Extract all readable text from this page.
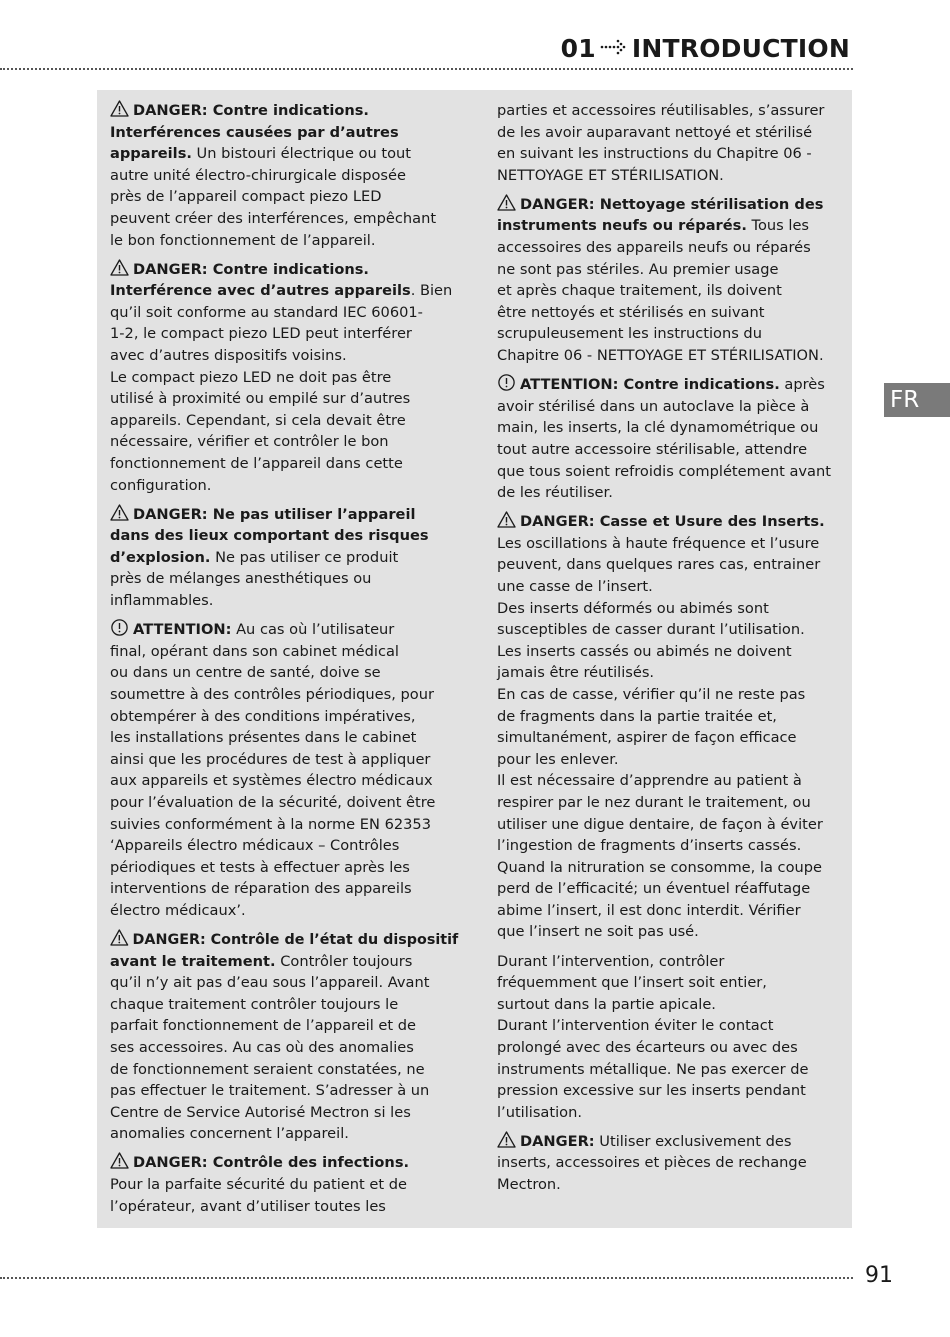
01 INTRODUCTION
FR

DANGER: Contre indications.
Interférences causées par d’autres
appareils. Un bistouri électrique ou tout
autre unité électro-chirurgicale disposée
près de l’appareil compact piezo LED
peuvent créer des interférences, empêchant
le bon fonctionnement de l’appareil.

DANGER: Contre indications.
Interférence avec d’autres appareils. Bien
qu’il soit conforme au standard IEC 60601-
1-2, le compact piezo LED peut interférer
avec d’autres dispositifs voisins.
Le compact piezo LED ne doit pas être
utilisé à proximité ou empilé sur d’autres
appareils. Cependant, si cela devait être
nécessaire, vérifier et contrôler le bon
fonctionnement de l’appareil dans cette
configuration.

DANGER: Ne pas utiliser l’appareil
dans des lieux comportant des risques
d’explosion. Ne pas utiliser ce produit
près de mélanges anesthétiques ou
inflammables.

ATTENTION: Au cas où l’utilisateur
final, opérant dans son cabinet médical
ou dans un centre de santé, doive se
soumettre à des contrôles périodiques, pour
obtempérer à des conditions impératives,
les installations présentes dans le cabinet
ainsi que les procédures de test à appliquer
aux appareils et systèmes électro médicaux
pour l’évaluation de la sécurité, doivent être
suivies conformément à la norme EN 62353
‘Appareils électro médicaux – Contrôles
périodiques et tests à effectuer après les
interventions de réparation des appareils
électro médicaux’.

DANGER: Contrôle de l’état du dispositif
avant le traitement. Contrôler toujours
qu’il n’y ait pas d’eau sous l’appareil. Avant
chaque traitement contrôler toujours le
parfait fonctionnement de l’appareil et de
ses accessoires. Au cas où des anomalies
de fonctionnement seraient constatées, ne
pas effectuer le traitement. S’adresser à un
Centre de Service Autorisé Mectron si les
anomalies concernent l’appareil.

DANGER: Contrôle des infections.
Pour la parfaite sécurité du patient et de
l’opérateur, avant d’utiliser toutes les

parties et accessoires réutilisables, s’assurer
de les avoir auparavant nettoyé et stérilisé
en suivant les instructions du Chapitre 06 -
NETTOYAGE ET STÉRILISATION.

DANGER: Nettoyage stérilisation des
instruments neufs ou réparés. Tous les
accessoires des appareils neufs ou réparés
ne sont pas stériles. Au premier usage
et après chaque traitement, ils doivent
être nettoyés et stérilisés en suivant
scrupuleusement les instructions du
Chapitre 06 - NETTOYAGE ET STÉRILISATION.

ATTENTION: Contre indications. après
avoir stérilisé dans un autoclave la pièce à
main, les inserts, la clé dynamométrique ou
tout autre accessoire stérilisable, attendre
que tous soient refroidis complétement avant
de les réutiliser.

DANGER: Casse et Usure des Inserts.
Les oscillations à haute fréquence et l’usure
peuvent, dans quelques rares cas, entrainer
une casse de l’insert.
Des inserts déformés ou abimés sont
susceptibles de casser durant l’utilisation.
Les inserts cassés ou abimés ne doivent
jamais être réutilisés.
En cas de casse, vérifier qu’il ne reste pas
de fragments dans la partie traitée et,
simultanément, aspirer de façon efficace
pour les enlever.
Il est nécessaire d’apprendre au patient à
respirer par le nez durant le traitement, ou
utiliser une digue dentaire, de façon à éviter
l’ingestion de fragments d’inserts cassés.
Quand la nitruration se consomme, la coupe
perd de l’efficacité; un éventuel réaffutage
abime l’insert, il est donc interdit. Vérifier
que l’insert ne soit pas usé.

Durant l’intervention, contrôler
fréquemment que l’insert soit entier,
surtout dans la partie apicale.
Durant l’intervention éviter le contact
prolongé avec des écarteurs ou avec des
instruments métallique. Ne pas exercer de
pression excessive sur les inserts pendant
l’utilisation.

DANGER: Utiliser exclusivement des
inserts, accessoires et pièces de rechange
Mectron.

91
